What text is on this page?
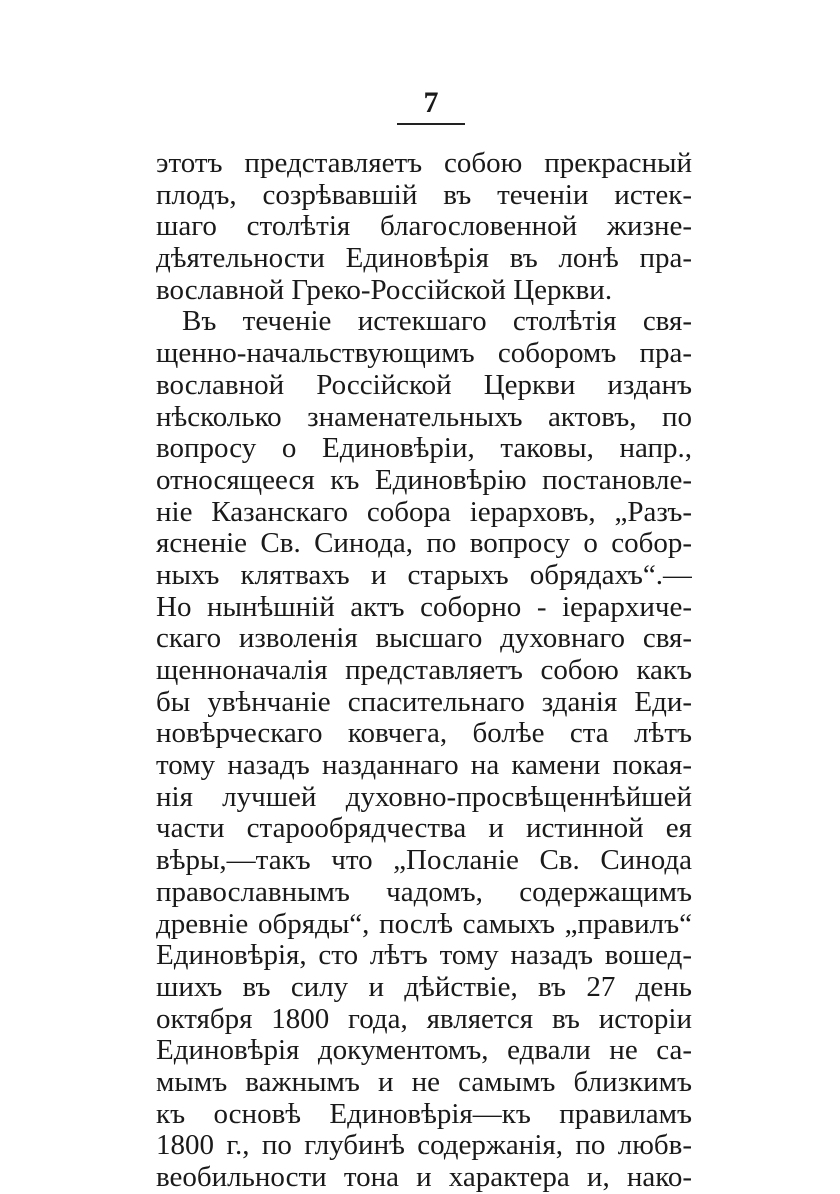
7
этотъ представляетъ собою прекрасный
плодъ, созрѣвавшій въ теченіи истек-
шаго столѣтія благословенной жизне-
дѣятельности Единовѣрія въ лонѣ пра-
вославной Греко-Россійской Церкви.
Въ теченіе истекшаго столѣтія свя-
щенно-начальствующимъ соборомъ пра-
вославной Россійской Церкви изданъ
нѣсколько знаменательныхъ актовъ, по
вопросу о Единовѣріи, таковы, напр.,
относящееся къ Единовѣрію постановле-
ніе Казанскаго собора іерарховъ, „Разъ-
ясненіе Св. Синода, по вопросу о собор-
ныхъ клятвахъ и старыхъ обрядахъ“.—
Но нынѣшній актъ соборно - іерархиче-
скаго изволенія высшаго духовнаго свя-
щенноначалія представляетъ собою какъ
бы увѣнчаніе спасительнаго зданія Еди-
новѣрческаго ковчега, болѣе ста лѣтъ
тому назадъ назданнаго на камени покая-
нія лучшей духовно-просвѣщеннѣйшей
части старообрядчества и истинной ея
вѣры,—такъ что „Посланіе Св. Синода
православнымъ чадомъ, содержащимъ
древніе обряды“, послѣ самыхъ „правилъ“
Единовѣрія, сто лѣтъ тому назадъ вошед-
шихъ въ силу и дѣйствіе, въ 27 день
октября 1800 года, является въ исторіи
Единовѣрія документомъ, едвали не са-
мымъ важнымъ и не самымъ близкимъ
къ основѣ Единовѣрія—къ правиламъ
1800 г., по глубинѣ содержанія, по любв-
веобильности тона и характера и, нако-
